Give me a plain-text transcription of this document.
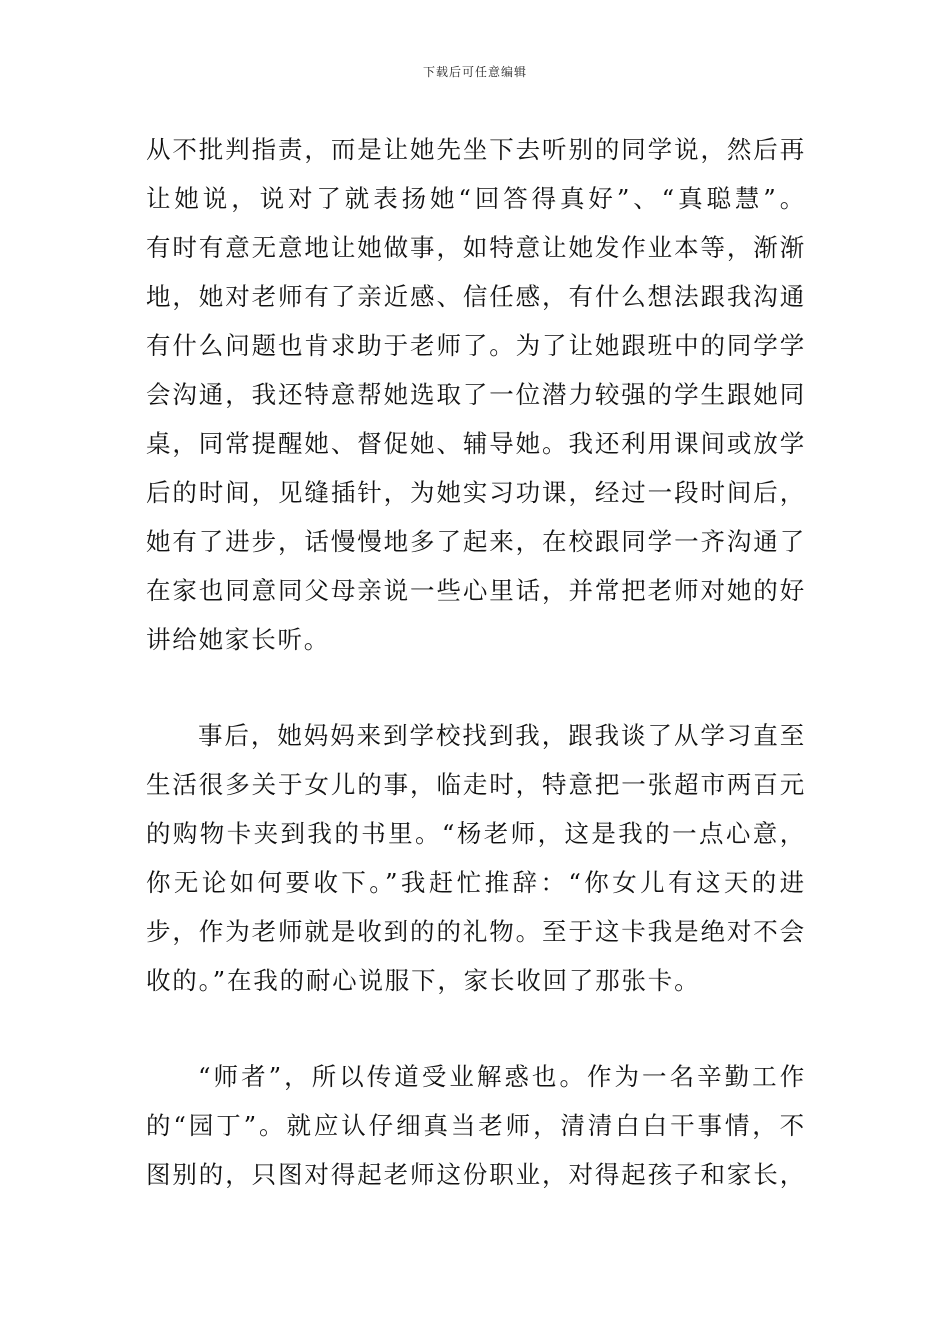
下载后可任意编辑
从不批判指责，而是让她先坐下去听别的同学说，然后再
让她说，说对了就表扬她“回答得真好”、“真聪慧”。
有时有意无意地让她做事，如特意让她发作业本等，渐渐
地，她对老师有了亲近感、信任感，有什么想法跟我沟通
有什么问题也肯求助于老师了。为了让她跟班中的同学学
会沟通，我还特意帮她选取了一位潜力较强的学生跟她同
桌，同常提醒她、督促她、辅导她。我还利用课间或放学
后的时间，见缝插针，为她实习功课，经过一段时间后，
她有了进步，话慢慢地多了起来，在校跟同学一齐沟通了
在家也同意同父母亲说一些心里话，并常把老师对她的好
讲给她家长听。
事后，她妈妈来到学校找到我，跟我谈了从学习直至
生活很多关于女儿的事，临走时，特意把一张超市两百元
的购物卡夹到我的书里。“杨老师，这是我的一点心意，
你无论如何要收下。”我赶忙推辞：“你女儿有这天的进
步，作为老师就是收到的的礼物。至于这卡我是绝对不会
收的。”在我的耐心说服下，家长收回了那张卡。
“师者”，所以传道受业解惑也。作为一名辛勤工作
的“园丁”。就应认仔细真当老师，清清白白干事情，不
图别的，只图对得起老师这份职业，对得起孩子和家长，
